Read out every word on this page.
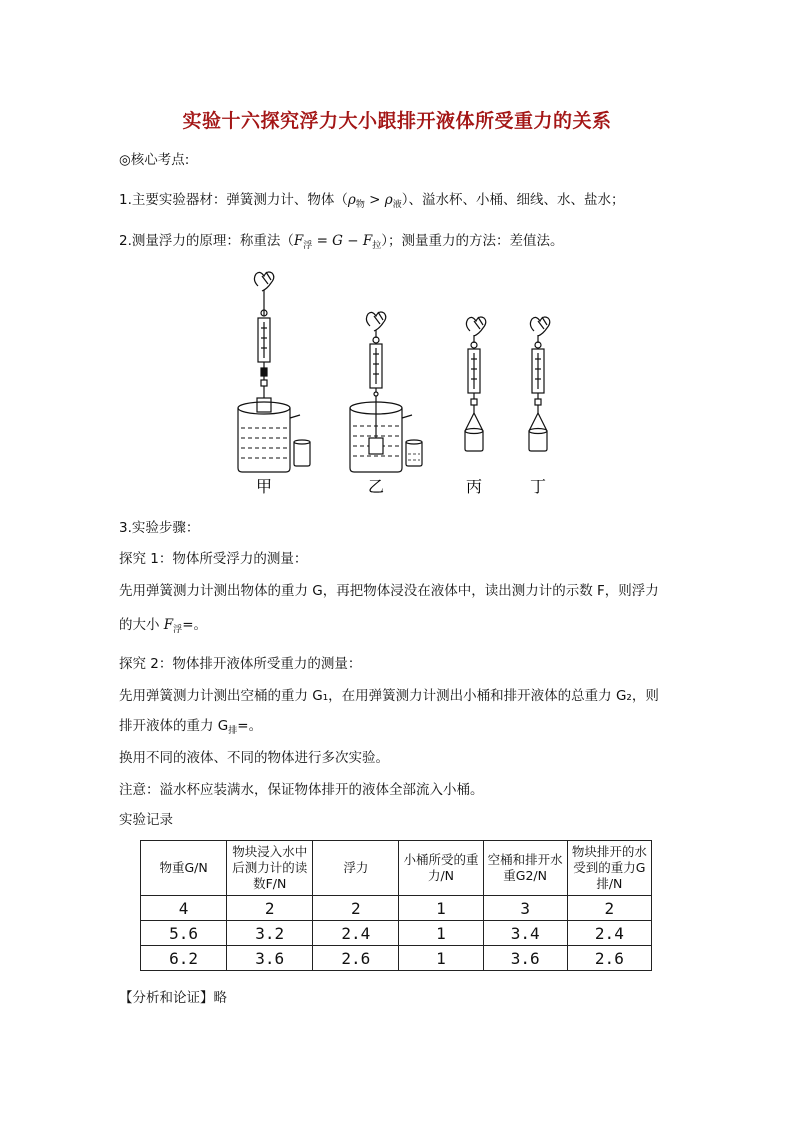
实验十六探究浮力大小跟排开液体所受重力的关系
◎核心考点:
1.主要实验器材：弹簧测力计、物体$(\rho_物 > \rho_液)$、溢水杯、小桶、细线、水、盐水；
2.测量浮力的原理：称重法$(F_浮 = G - F_拉)$；测量重力的方法：差值法。
甲	乙	丙	丁
3.实验步骤：
探究 1：物体所受浮力的测量：
先用弹簧测力计测出物体的重力 G，再把物体浸没在液体中，读出测力计的示数 F，则浮力
的大小 $F_浮=$。
探究 2：物体排开液体所受重力的测量：
先用弹簧测力计测出空桶的重力 G₁，在用弹簧测力计测出小桶和排开液体的总重力 G₂，则
排开液体的重力 $G_排=$。
换用不同的液体、不同的物体进行多次实验。
注意：溢水杯应装满水，保证物体排开的液体全部流入小桶。
实验记录
物重G/N	物块浸入水中后测力计的读数F/N	浮力	小桶所受的重力/N	空桶和排开水重G2/N	物块排开的水受到的重力G排/N
4	2	2	1	3	2
5.6	3.2	2.4	1	3.4	2.4
6.2	3.6	2.6	1	3.6	2.6
【分析和论证】略
